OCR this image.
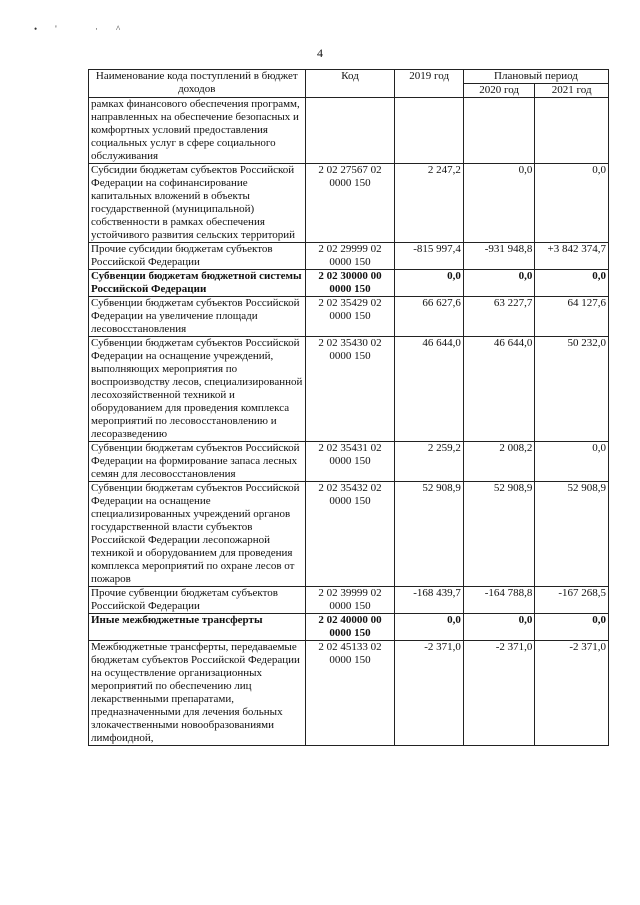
•' ·^
4
Наименование кода поступлений в бюджет доходов	Код	2019 год	Плановый период	
			2020 год	2021 год
рамках финансового обеспечения программ, направленных на обеспечение безопасных и комфортных условий предоставления социальных услуг в сфере социального обслуживания				
Субсидии бюджетам субъектов Российской Федерации на софинансирование капитальных вложений в объекты государственной (муниципальной) собственности в рамках обеспечения устойчивого развития сельских территорий	2 02 27567 02 0000 150	2 247,2	0,0	0,0
Прочие субсидии бюджетам субъектов Российской Федерации	2 02 29999 02 0000 150	-815 997,4	-931 948,8	+3 842 374,7
Субвенции бюджетам бюджетной системы Российской Федерации	2 02 30000 00 0000 150	0,0	0,0	0,0
Субвенции бюджетам субъектов Российской Федерации на увеличение площади лесовосстановления	2 02 35429 02 0000 150	66 627,6	63 227,7	64 127,6
Субвенции бюджетам субъектов Российской Федерации на оснащение учреждений, выполняющих мероприятия по воспроизводству лесов, специализированной лесохозяйственной техникой и оборудованием для проведения комплекса мероприятий по лесовосстановлению и лесоразведению	2 02 35430 02 0000 150	46 644,0	46 644,0	50 232,0
Субвенции бюджетам субъектов Российской Федерации на формирование запаса лесных семян для лесовосстановления	2 02 35431 02 0000 150	2 259,2	2 008,2	0,0
Субвенции бюджетам субъектов Российской Федерации на оснащение специализированных учреждений органов государственной власти субъектов Российской Федерации лесопожарной техникой и оборудованием для проведения комплекса мероприятий по охране лесов от пожаров	2 02 35432 02 0000 150	52 908,9	52 908,9	52 908,9
Прочие субвенции бюджетам субъектов Российской Федерации	2 02 39999 02 0000 150	-168 439,7	-164 788,8	-167 268,5
Иные межбюджетные трансферты	2 02 40000 00 0000 150	0,0	0,0	0,0
Межбюджетные трансферты, передаваемые бюджетам субъектов Российской Федерации на осуществление организационных мероприятий по обеспечению лиц лекарственными препаратами, предназначенными для лечения больных злокачественными новообразованиями лимфоидной,	2 02 45133 02 0000 150	-2 371,0	-2 371,0	-2 371,0
